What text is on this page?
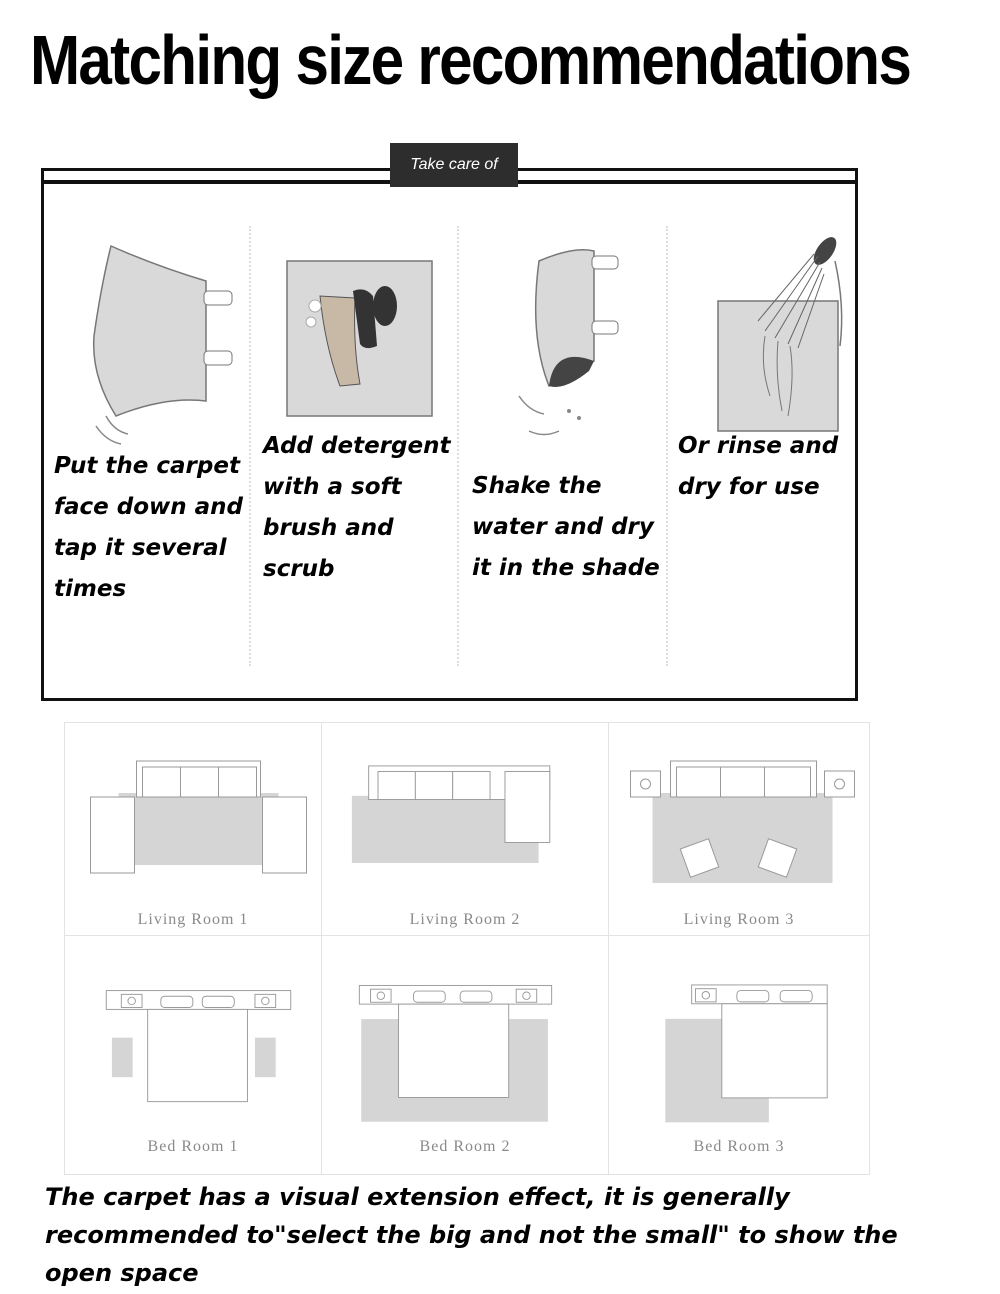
Matching size recommendations
Take care of
Put the carpet face down and tap it several times
Add detergent with a soft brush and scrub
Shake the water and dry it in the shade
Or rinse and dry for use
Living Room 1	Living Room 2	Living Room 3
Bed Room 1	Bed Room 2	Bed Room 3
The carpet has a visual extension effect, it is generally recommended to"select the big and not the small" to show the open space
